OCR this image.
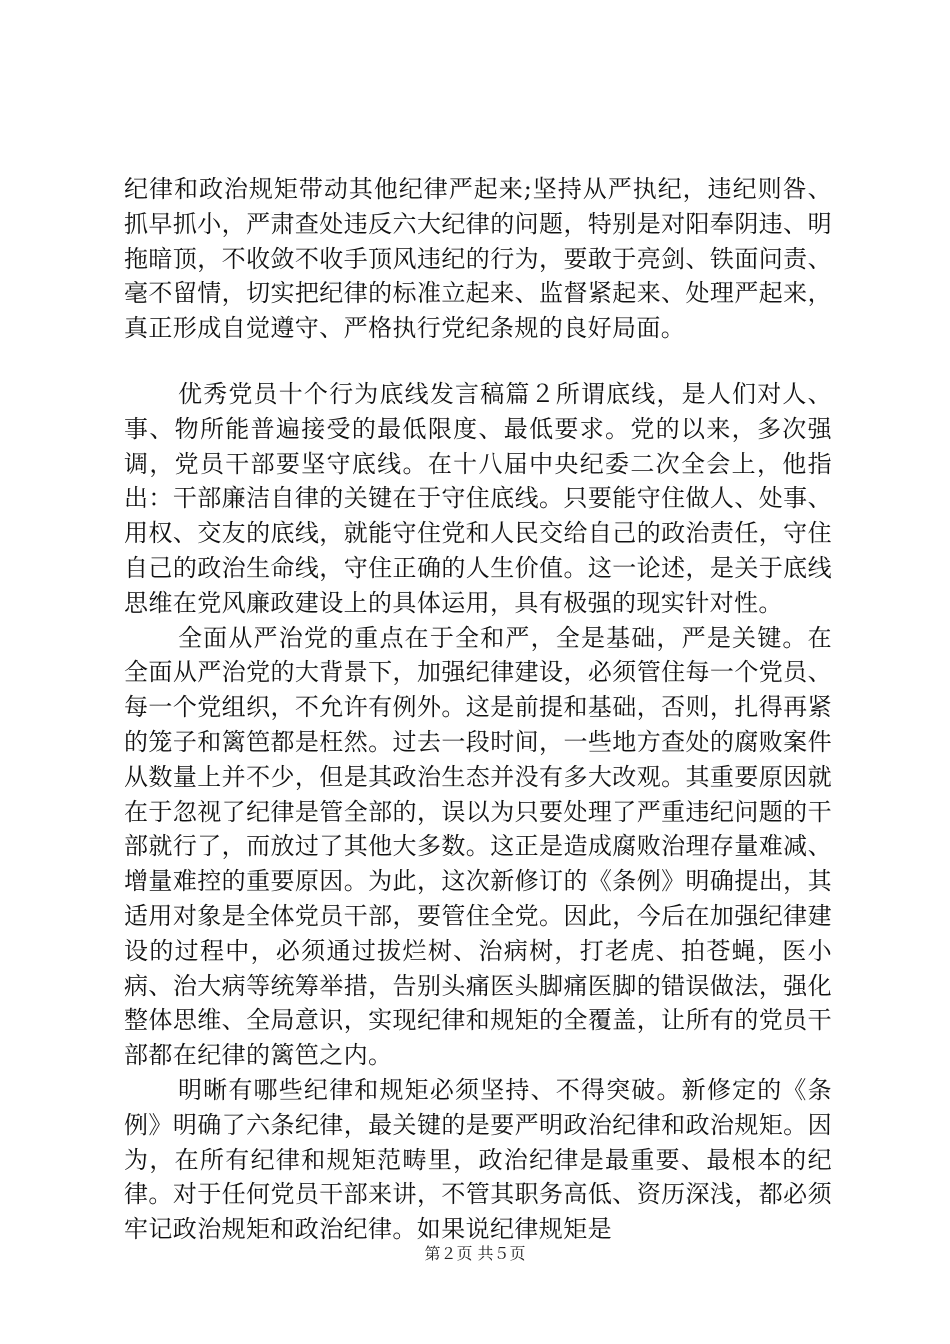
纪律和政治规矩带动其他纪律严起来;坚持从严执纪，违纪则咎、抓早抓小，严肃查处违反六大纪律的问题，特别是对阳奉阴违、明拖暗顶，不收敛不收手顶风违纪的行为，要敢于亮剑、铁面问责、毫不留情，切实把纪律的标准立起来、监督紧起来、处理严起来，真正形成自觉遵守、严格执行党纪条规的良好局面。

优秀党员十个行为底线发言稿篇２所谓底线，是人们对人、事、物所能普遍接受的最低限度、最低要求。党的以来，多次强调，党员干部要坚守底线。在十八届中央纪委二次全会上，他指出：干部廉洁自律的关键在于守住底线。只要能守住做人、处事、用权、交友的底线，就能守住党和人民交给自己的政治责任，守住自己的政治生命线，守住正确的人生价值。这一论述，是关于底线思维在党风廉政建设上的具体运用，具有极强的现实针对性。

全面从严治党的重点在于全和严，全是基础，严是关键。在全面从严治党的大背景下，加强纪律建设，必须管住每一个党员、每一个党组织，不允许有例外。这是前提和基础，否则，扎得再紧的笼子和篱笆都是枉然。过去一段时间，一些地方查处的腐败案件从数量上并不少，但是其政治生态并没有多大改观。其重要原因就在于忽视了纪律是管全部的，误以为只要处理了严重违纪问题的干部就行了，而放过了其他大多数。这正是造成腐败治理存量难减、增量难控的重要原因。为此，这次新修订的《条例》明确提出，其适用对象是全体党员干部，要管住全党。因此，今后在加强纪律建设的过程中，必须通过拔烂树、治病树，打老虎、拍苍蝇，医小病、治大病等统筹举措，告别头痛医头脚痛医脚的错误做法，强化整体思维、全局意识，实现纪律和规矩的全覆盖，让所有的党员干部都在纪律的篱笆之内。

明晰有哪些纪律和规矩必须坚持、不得突破。新修定的《条例》明确了六条纪律，最关键的是要严明政治纪律和政治规矩。因为，在所有纪律和规矩范畴里，政治纪律是最重要、最根本的纪律。对于任何党员干部来讲，不管其职务高低、资历深浅，都必须牢记政治规矩和政治纪律。如果说纪律规矩是

第２页 共５页
